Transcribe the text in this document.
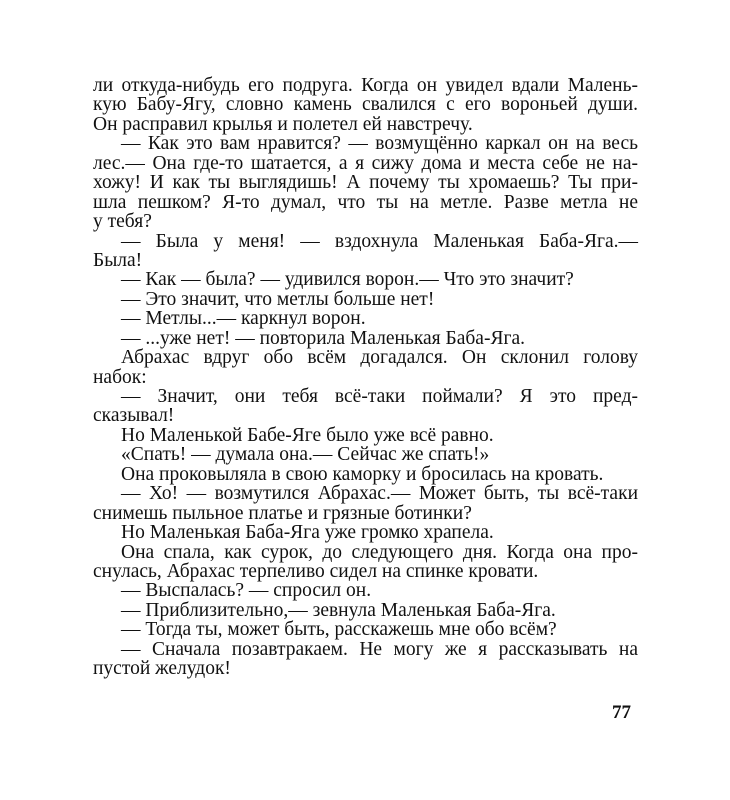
ли откуда-нибудь его подруга. Когда он увидел вдали Малень-
кую Бабу-Ягу, словно камень свалился с его вороньей души.
Он расправил крылья и полетел ей навстречу.
— Как это вам нравится? — возмущённо каркал он на весь
лес.— Она где-то шатается, а я сижу дома и места себе не на-
хожу! И как ты выглядишь! А почему ты хромаешь? Ты при-
шла пешком? Я-то думал, что ты на метле. Разве метла не
у тебя?
— Была у меня! — вздохнула Маленькая Баба-Яга.—
Была!
— Как — была? — удивился ворон.— Что это значит?
— Это значит, что метлы больше нет!
— Метлы...— каркнул ворон.
— ...уже нет! — повторила Маленькая Баба-Яга.
Абрахас вдруг обо всём догадался. Он склонил голову
набок:
— Значит, они тебя всё-таки поймали? Я это пред-
сказывал!
Но Маленькой Бабе-Яге было уже всё равно.
«Спать! — думала она.— Сейчас же спать!»
Она проковыляла в свою каморку и бросилась на кровать.
— Хо! — возмутился Абрахас.— Может быть, ты всё-таки
снимешь пыльное платье и грязные ботинки?
Но Маленькая Баба-Яга уже громко храпела.
Она спала, как сурок, до следующего дня. Когда она про-
снулась, Абрахас терпеливо сидел на спинке кровати.
— Выспалась? — спросил он.
— Приблизительно,— зевнула Маленькая Баба-Яга.
— Тогда ты, может быть, расскажешь мне обо всём?
— Сначала позавтракаем. Не могу же я рассказывать на
пустой желудок!
77
